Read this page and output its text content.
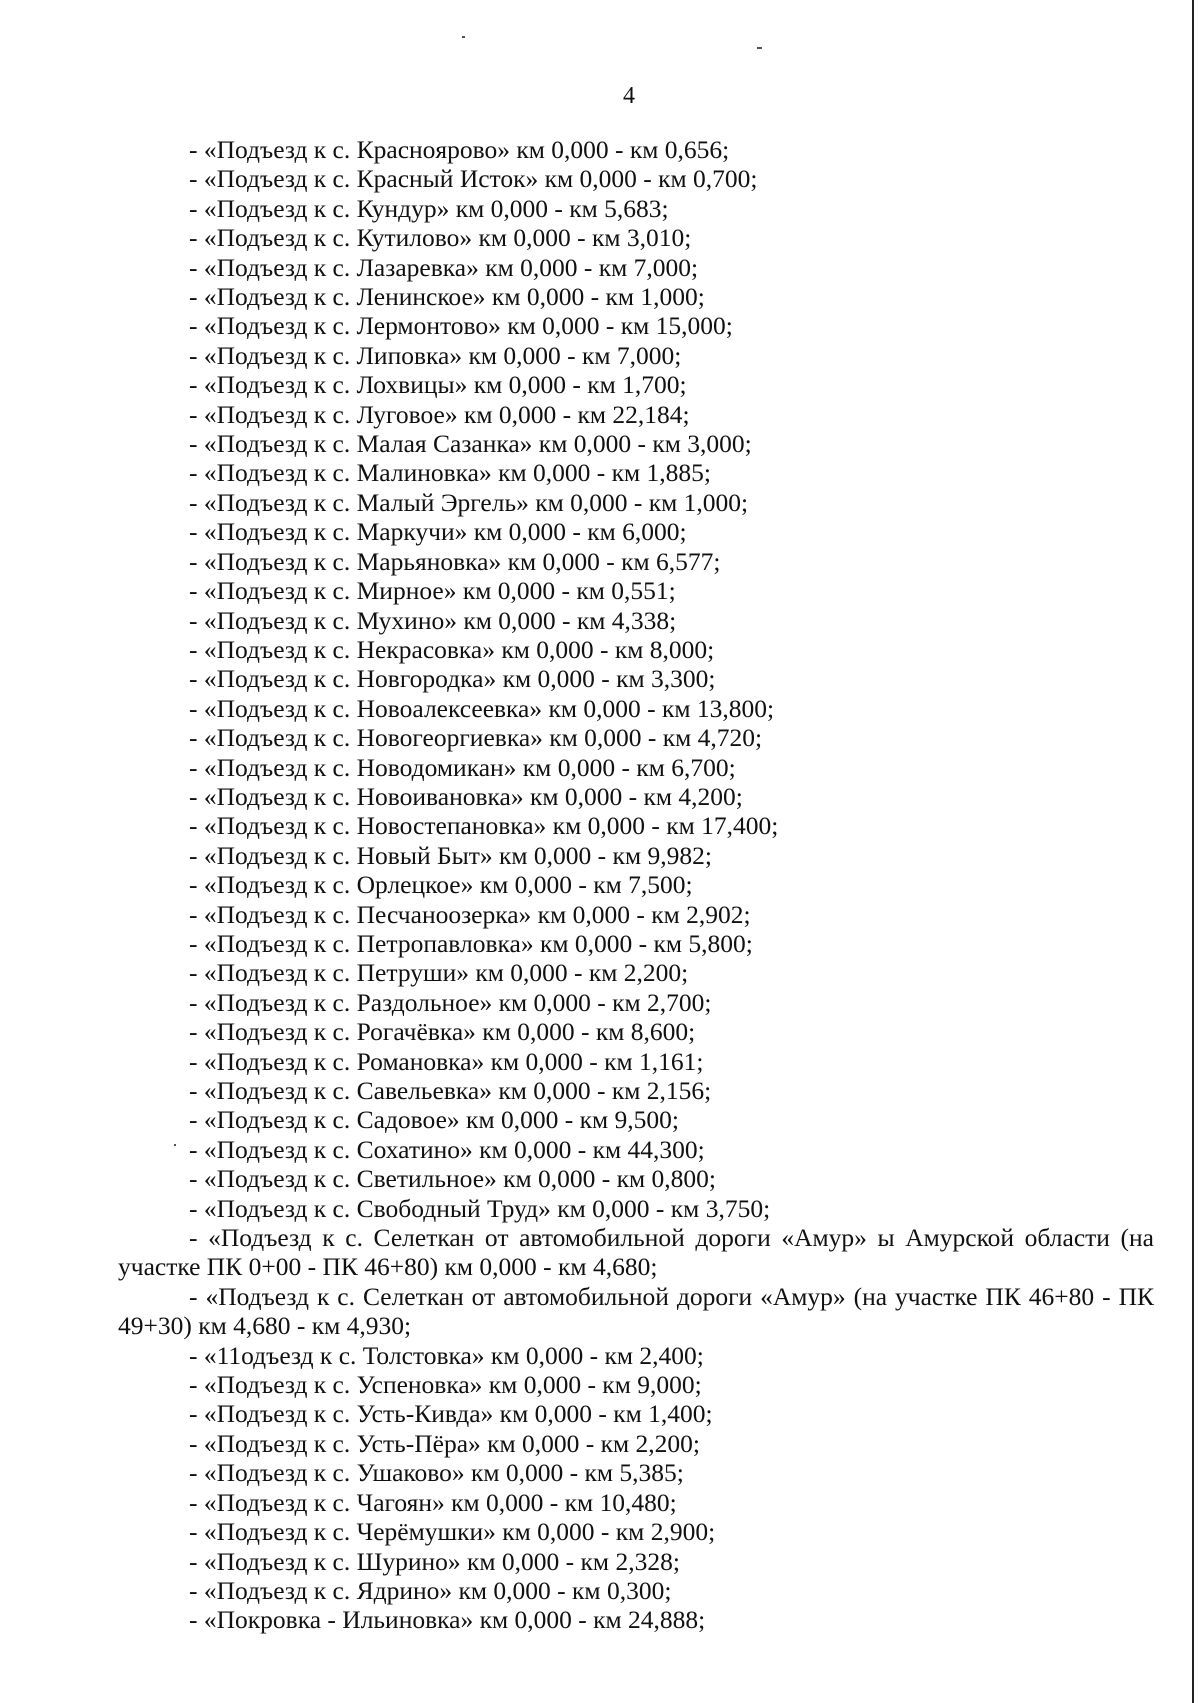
4
- «Подъезд к с. Краснoярово» км 0,000 - км 0,656;
- «Подъезд к с. Красный Исток» км 0,000 - км 0,700;
- «Подъезд к с. Кундур» км 0,000 - км 5,683;
- «Подъезд к с. Кутилово» км 0,000 - км 3,010;
- «Подъезд к с. Лазаревка» км 0,000 - км 7,000;
- «Подъезд к с. Ленинское» км 0,000 - км 1,000;
- «Подъезд к с. Лермонтово» км 0,000 - км 15,000;
- «Подъезд к с. Липовка» км 0,000 - км 7,000;
- «Подъезд к с. Лохвицы» км 0,000 - км 1,700;
- «Подъезд к с. Луговое» км 0,000 - км 22,184;
- «Подъезд к с. Малая Сазанка» км 0,000 - км 3,000;
- «Подъезд к с. Малиновка» км 0,000 - км 1,885;
- «Подъезд к с. Малый Эргель» км 0,000 - км 1,000;
- «Подъезд к с. Маркучи» км 0,000 - км 6,000;
- «Подъезд к с. Марьяновка» км 0,000 - км 6,577;
- «Подъезд к с. Мирное» км 0,000 - км 0,551;
- «Подъезд к с. Мухино» км 0,000 - км 4,338;
- «Подъезд к с. Некрасовка» км 0,000 - км 8,000;
- «Подъезд к с. Новгородка» км 0,000 - км 3,300;
- «Подъезд к с. Новоалексеевка» км 0,000 - км 13,800;
- «Подъезд к с. Новогеоргиевка» км 0,000 - км 4,720;
- «Подъезд к с. Новодомикан» км 0,000 - км 6,700;
- «Подъезд к с. Новоивановка» км 0,000 - км 4,200;
- «Подъезд к с. Новостепановка» км 0,000 - км 17,400;
- «Подъезд к с. Новый Быт» км 0,000 - км 9,982;
- «Подъезд к с. Орлецкое» км 0,000 - км 7,500;
- «Подъезд к с. Песчаноозерка» км 0,000 - км 2,902;
- «Подъезд к с. Петропавловка» км 0,000 - км 5,800;
- «Подъезд к с. Петруши» км 0,000 - км 2,200;
- «Подъезд к с. Раздольное» км 0,000 - км 2,700;
- «Подъезд к с. Рогачёвка» км 0,000 - км 8,600;
- «Подъезд к с. Романовка» км 0,000 - км 1,161;
- «Подъезд к с. Савельевка» км 0,000 - км 2,156;
- «Подъезд к с. Садовое» км 0,000 - км 9,500;
- «Подъезд к с. Сохатино» км 0,000 - км 44,300;
- «Подъезд к с. Светильное» км 0,000 - км 0,800;
- «Подъезд к с. Свободный Труд» км 0,000 - км 3,750;
- «Подъезд к с. Селеткан от автомобильной дороги «Амур» ы Амурской области (на участке ПК 0+00 - ПК 46+80) км 0,000 - км 4,680;
- «Подъезд к с. Селеткан от автомобильной дороги «Амур» (на участке ПК 46+80 - ПК 49+30) км 4,680 - км 4,930;
- «11одъезд к с. Толстовка» км 0,000 - км 2,400;
- «Подъезд к с. Успеновка» км 0,000 - км 9,000;
- «Подъезд к с. Усть-Кивда» км 0,000 - км 1,400;
- «Подъезд к с. Усть-Пёра» км 0,000 - км 2,200;
- «Подъезд к с. Ушаково» км 0,000 - км 5,385;
- «Подъезд к с. Чагоян» км 0,000 - км 10,480;
- «Подъезд к с. Черёмушки» км 0,000 - км 2,900;
- «Подъезд к с. Шурино» км 0,000 - км 2,328;
- «Подъезд к с. Ядрино» км 0,000 - км 0,300;
- «Покровка - Ильиновка» км 0,000 - км 24,888;
